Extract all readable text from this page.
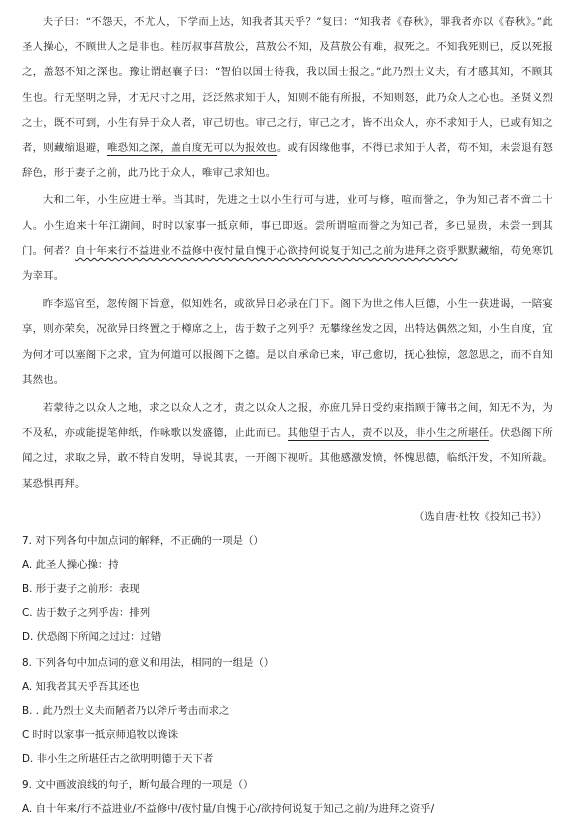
夫子曰：“不怨天，不尤人，下学而上达，知我者其天乎？”复曰：“知我者《春秋》，罪我者亦以《春秋》。”此圣人操心，不顾世人之是非也。桂厉叔事莒敖公，莒敖公不知，及莒敖公有难，叔死之。不知我死则已，反以死报之，盖怒不知之深也。豫让谓赵襄子曰：“智伯以国士待我，我以国士报之。”此乃烈士义夫，有才感其知，不顾其生也。行无坚明之异，才无尺寸之用，泛泛然求知于人，知则不能有所报，不知则怒，此乃众人之心也。圣贤义烈之士，既不可到，小生有异于众人者，审己切也。审己之行，审己之才，皆不出众人，亦不求知于人，已或有知之者，则藏缩退避，唯恐知之深，盖自度无可以为报效也。或有因缘他事，不得已求知于人者，苟不知，未尝退有怒辞色，形于妻子之前，此乃比于众人，唯审己求知也。

大和二年，小生应进士举。当其时，先进之士以小生行可与进，业可与修，喧而誉之，争为知己者不啻二十人。小生迨来十年江湖间，时时以家事一抵京师，事已即返。尝所谓喧而誉之为知己者，多已显贵，未尝一到其门。何者？自十年来行不益进业不益修中夜忖量自愧于心欲持何说复于知己之前为进拜之资乎默默藏缩，苟免寒饥为幸耳。

昨李巡官至，忽传阁下旨意，似知姓名，或欲异日必录在门下。阁下为世之伟人巨德，小生一获进谒，一陪宴享，则亦荣矣，况欲异日终置之于樽席之上，齿于数子之列乎？无攀缘丝发之因，出特达偶然之知，小生自度，宜为何才可以塞阁下之求，宜为何道可以报阁下之德。是以自承命已来，审己愈切，抚心独惊，忽忽思之，而不自知其然也。

若蒙待之以众人之地，求之以众人之才，责之以众人之报，亦庶几异日受约束指顾于簿书之间，知无不为，为不及私，亦或能提笔伸纸，作咏歌以发盛德，止此而已。其他望于古人，责不以及，非小生之所堪任。伏恐阁下所闻之过，求取之异，敢不特自发明，导说其衷，一开阁下视听。其他感激发愤，怀愧思德，临纸汗发，不知所裁。某恐惧再拜。

（选自唐·杜牧《投知己书》）

7. 对下列各句中加点词的解释，不正确的一项是（）

A. 此圣人操心操：持

B. 形于妻子之前形：表现

C. 齿于数子之列乎齿：排列

D. 伏恐阁下所闻之过过：过错

8. 下列各句中加点词的意义和用法，相同的一组是（）

A. 知我者其天乎吾其还也

B. . 此乃烈士义夫而陋者乃以斧斤考击而求之

C 时时以家事一抵京师追牧以谗诛

D. 非小生之所堪任古之欲明明德于天下者

9. 文中画波浪线的句子，断句最合理的一项是（）

A. 自十年来/行不益进业/不益修中/夜忖量/自愧于心/欲持何说复于知己之前/为进拜之资乎/
